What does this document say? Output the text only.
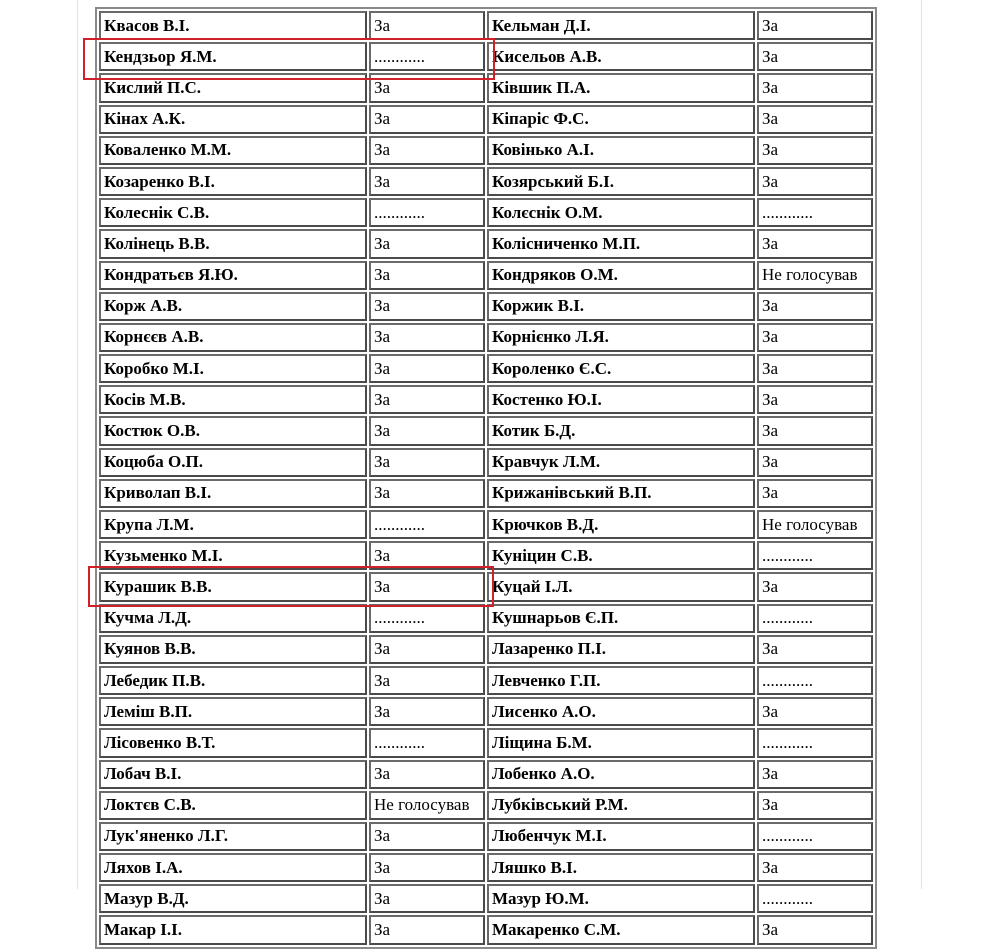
Квасов В.І.	За	Кельман Д.І.	За
Кендзьор Я.М.	............	Кисельов А.В.	За
Кислий П.С.	За	Ківшик П.А.	За
Кінах А.К.	За	Кіпаріс Ф.С.	За
Коваленко М.М.	За	Ковінько А.І.	За
Козаренко В.І.	За	Козярський Б.І.	За
Колеснік С.В.	............	Колєснік О.М.	............
Колінець В.В.	За	Колісниченко М.П.	За
Кондратьєв Я.Ю.	За	Кондряков О.М.	Не голосував
Корж А.В.	За	Коржик В.І.	За
Корнєєв А.В.	За	Корнієнко Л.Я.	За
Коробко М.І.	За	Короленко Є.С.	За
Косів М.В.	За	Костенко Ю.І.	За
Костюк О.В.	За	Котик Б.Д.	За
Коцюба О.П.	За	Кравчук Л.М.	За
Криволап В.І.	За	Крижанівський В.П.	За
Крупа Л.М.	............	Крючков В.Д.	Не голосував
Кузьменко М.І.	За	Куніцин С.В.	............
Курашик В.В.	За	Куцай І.Л.	За
Кучма Л.Д.	............	Кушнарьов Є.П.	............
Куянов В.В.	За	Лазаренко П.І.	За
Лебедик П.В.	За	Левченко Г.П.	............
Леміш В.П.	За	Лисенко А.О.	За
Лісовенко В.Т.	............	Ліщина Б.М.	............
Лобач В.І.	За	Лобенко А.О.	За
Локтєв С.В.	Не голосував	Лубківський Р.М.	За
Лук'яненко Л.Г.	За	Любенчук М.І.	............
Ляхов І.А.	За	Ляшко В.І.	За
Мазур В.Д.	За	Мазур Ю.М.	............
Макар І.І.	За	Макаренко С.М.	За
